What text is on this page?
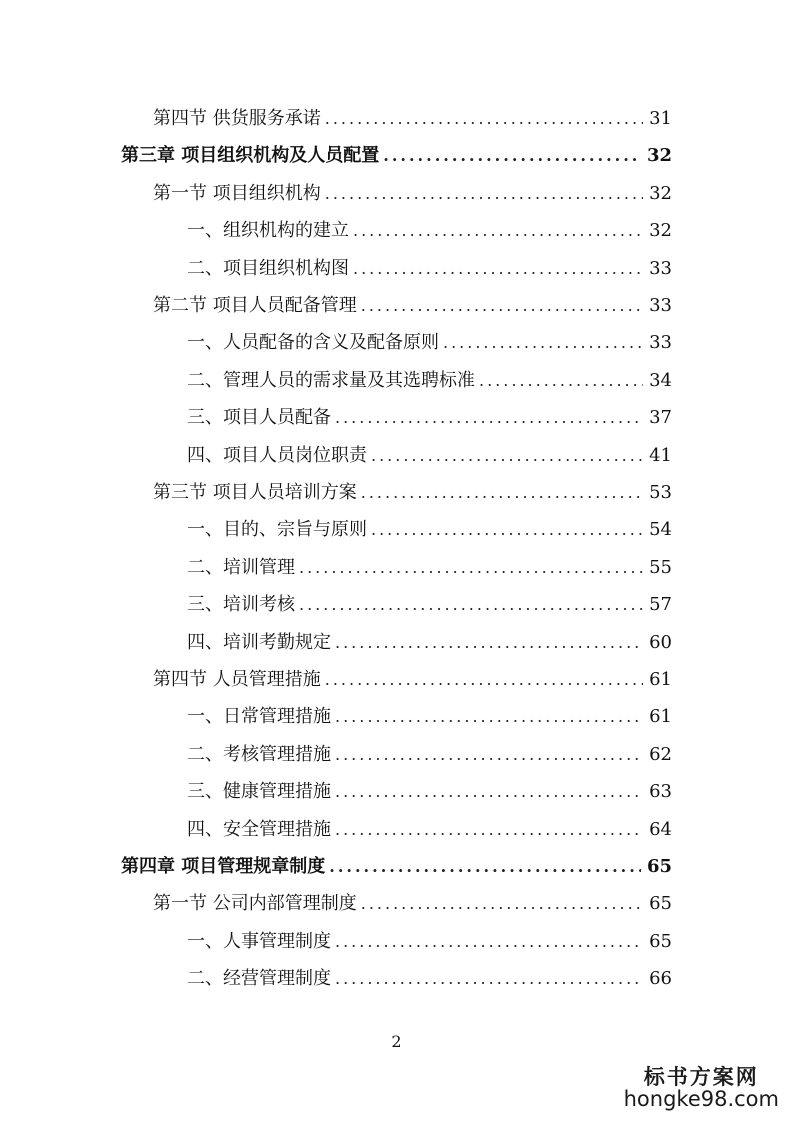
第四节 供货服务承诺 .....	31
第三章 项目组织机构及人员配置 .....	32
第一节 项目组织机构 .....	32
一、组织机构的建立 .....	32
二、项目组织机构图 .....	33
第二节 项目人员配备管理 .....	33
一、人员配备的含义及配备原则 .....	33
二、管理人员的需求量及其选聘标准 .....	34
三、项目人员配备 .....	37
四、项目人员岗位职责 .....	41
第三节 项目人员培训方案 .....	53
一、目的、宗旨与原则 .....	54
二、培训管理 .....	55
三、培训考核 .....	57
四、培训考勤规定 .....	60
第四节 人员管理措施 .....	61
一、日常管理措施 .....	61
二、考核管理措施 .....	62
三、健康管理措施 .....	63
四、安全管理措施 .....	64
第四章 项目管理规章制度 .....	65
第一节 公司内部管理制度 .....	65
一、人事管理制度 .....	65
二、经营管理制度 .....	66
2
标书方案网
hongke98.com
